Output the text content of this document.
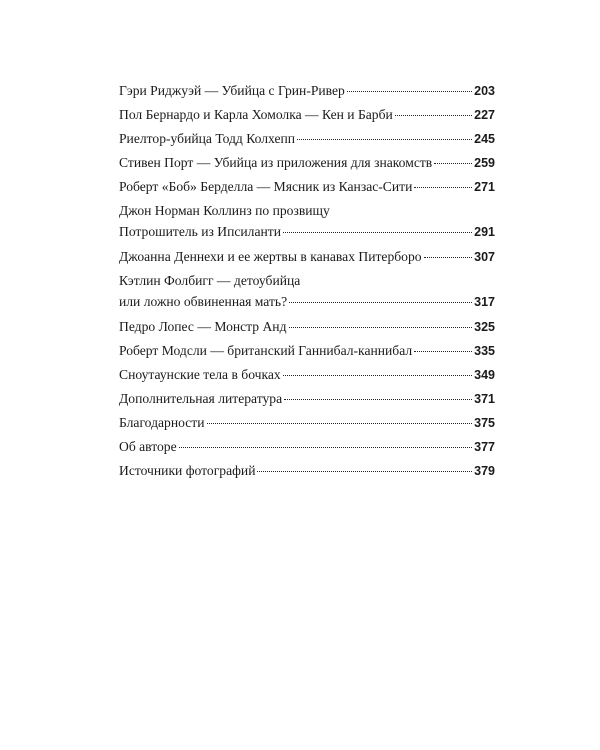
Гэри Риджуэй — Убийца с Грин-Ривер	203
Пол Бернардо и Карла Хомолка — Кен и Барби	227
Риелтор-убийца Тодд Колхепп	245
Стивен Порт — Убийца из приложения для знакомств	259
Роберт «Боб» Берделла — Мясник из Канзас-Сити	271
Джон Норман Коллинз по прозвищу
Потрошитель из Ипсиланти	291
Джоанна Деннехи и ее жертвы в канавах Питерборо	307
Кэтлин Фолбигг — детоубийца
или ложно обвиненная мать?	317
Педро Лопес — Монстр Анд	325
Роберт Модсли — британский Ганнибал-каннибал	335
Сноутаунские тела в бочках	349
Дополнительная литература	371
Благодарности	375
Об авторе	377
Источники фотографий	379
